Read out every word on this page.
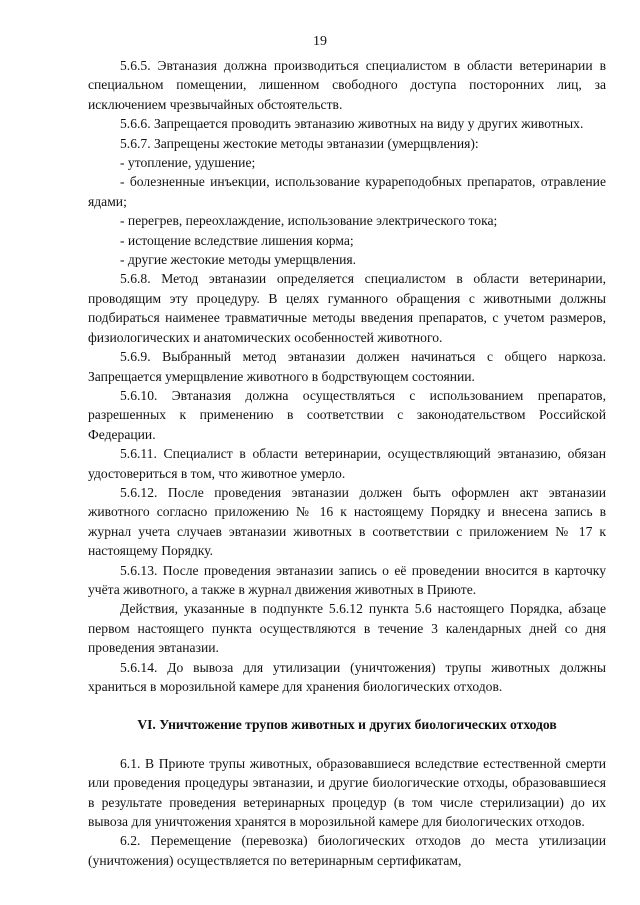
19

5.6.5. Эвтаназия должна производиться специалистом в области ветеринарии в специальном помещении, лишенном свободного доступа посторонних лиц, за исключением чрезвычайных обстоятельств.

5.6.6. Запрещается проводить эвтаназию животных на виду у других животных.

5.6.7. Запрещены жестокие методы эвтаназии (умерщвления):

- утопление, удушение;

- болезненные инъекции, использование курареподобных препаратов, отравление ядами;

- перегрев, переохлаждение, использование электрического тока;

- истощение вследствие лишения корма;

- другие жестокие методы умерщвления.

5.6.8. Метод эвтаназии определяется специалистом в области ветеринарии, проводящим эту процедуру. В целях гуманного обращения с животными должны подбираться наименее травматичные методы введения препаратов, с учетом размеров, физиологических и анатомических особенностей животного.

5.6.9. Выбранный метод эвтаназии должен начинаться с общего наркоза. Запрещается умерщвление животного в бодрствующем состоянии.

5.6.10. Эвтаназия должна осуществляться с использованием препаратов, разрешенных к применению в соответствии с законодательством Российской Федерации.

5.6.11. Специалист в области ветеринарии, осуществляющий эвтаназию, обязан удостовериться в том, что животное умерло.

5.6.12. После проведения эвтаназии должен быть оформлен акт эвтаназии животного согласно приложению № 16 к настоящему Порядку и внесена запись в журнал учета случаев эвтаназии животных в соответствии с приложением № 17 к настоящему Порядку.

5.6.13. После проведения эвтаназии запись о её проведении вносится в карточку учёта животного, а также в журнал движения животных в Приюте.

Действия, указанные в подпункте 5.6.12 пункта 5.6 настоящего Порядка, абзаце первом настоящего пункта осуществляются в течение 3 календарных дней со дня проведения эвтаназии.

5.6.14. До вывоза для утилизации (уничтожения) трупы животных должны храниться в морозильной камере для хранения биологических отходов.

VI. Уничтожение трупов животных и других биологических отходов

6.1. В Приюте трупы животных, образовавшиеся вследствие естественной смерти или проведения процедуры эвтаназии, и другие биологические отходы, образовавшиеся в результате проведения ветеринарных процедур (в том числе стерилизации) до их вывоза для уничтожения хранятся в морозильной камере для биологических отходов.

6.2. Перемещение (перевозка) биологических отходов до места утилизации (уничтожения) осуществляется по ветеринарным сертификатам,
